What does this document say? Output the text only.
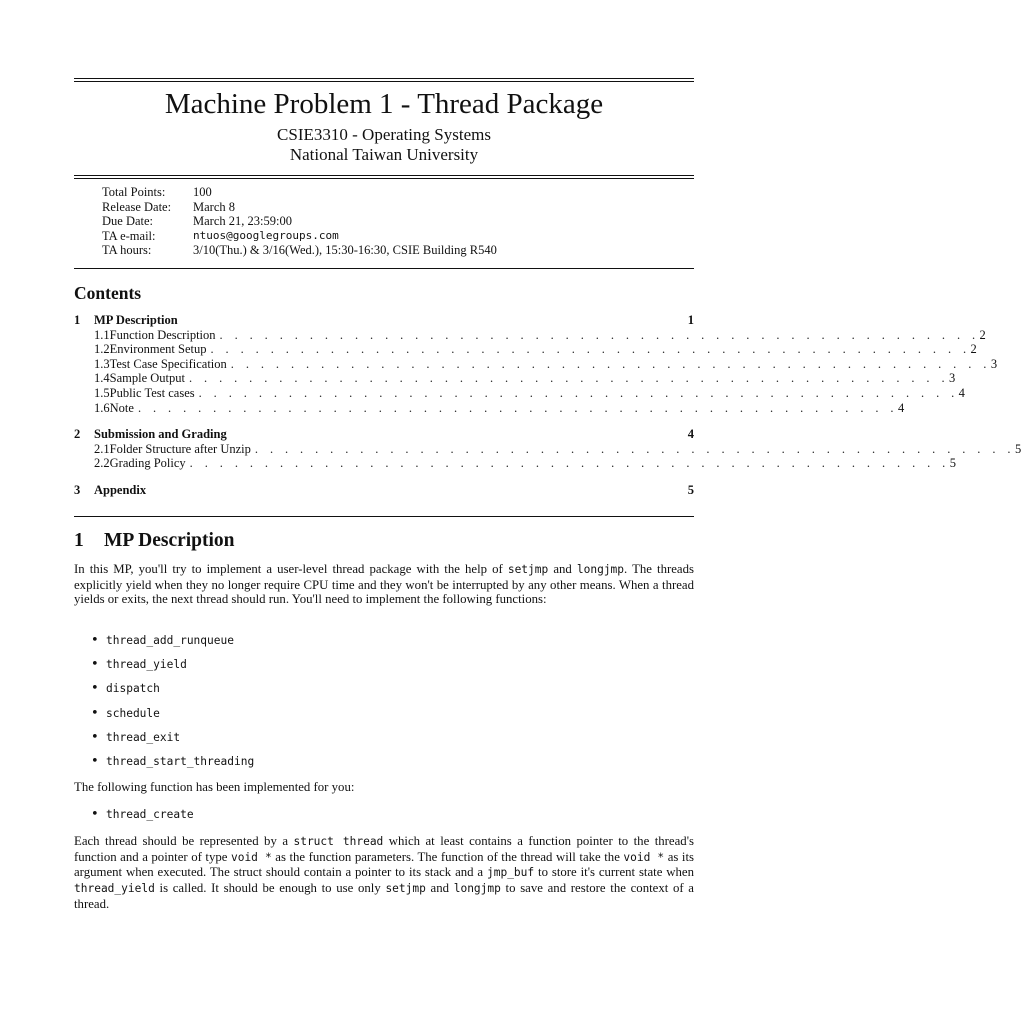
Machine Problem 1 - Thread Package
CSIE3310 - Operating Systems
National Taiwan University
Total Points:	100
Release Date:	March 8
Due Date:	March 21, 23:59:00
TA e-mail:	ntuos@googlegroups.com
TA hours:	3/10(Thu.) & 3/16(Wed.), 15:30-16:30, CSIE Building R540
Contents
1	MP Description	1
1.1 Function Description . . . . . . . . . . . . . . . . . . . . . . . . . . . . . . . . . . . . . . . . . . . . . . . . . . . 2
1.2 Environment Setup . . . . . . . . . . . . . . . . . . . . . . . . . . . . . . . . . . . . . . . . . . . . . . . . . . . 2
1.3 Test Case Specification . . . . . . . . . . . . . . . . . . . . . . . . . . . . . . . . . . . . . . . . . . . . . . . . . . . 3
1.4 Sample Output . . . . . . . . . . . . . . . . . . . . . . . . . . . . . . . . . . . . . . . . . . . . . . . . . . . 3
1.5 Public Test cases . . . . . . . . . . . . . . . . . . . . . . . . . . . . . . . . . . . . . . . . . . . . . . . . . . . 4
1.6 Note . . . . . . . . . . . . . . . . . . . . . . . . . . . . . . . . . . . . . . . . . . . . . . . . . . . 4
2	Submission and Grading	4
2.1 Folder Structure after Unzip . . . . . . . . . . . . . . . . . . . . . . . . . . . . . . . . . . . . . . . . . . . . . . . . . . . 5
2.2 Grading Policy . . . . . . . . . . . . . . . . . . . . . . . . . . . . . . . . . . . . . . . . . . . . . . . . . . . 5
3	Appendix	5
1 MP Description
In this MP, you'll try to implement a user-level thread package with the help of setjmp and longjmp. The threads explicitly yield when they no longer require CPU time and they won't be interrupted by any other means. When a thread yields or exits, the next thread should run. You'll need to implement the following functions:
• thread_add_runqueue
• thread_yield
• dispatch
• schedule
• thread_exit
• thread_start_threading
The following function has been implemented for you:
• thread_create
Each thread should be represented by a struct thread which at least contains a function pointer to the thread's function and a pointer of type void * as the function parameters. The function of the thread will take the void * as its argument when executed. The struct should contain a pointer to its stack and a jmp_buf to store it's current state when thread_yield is called. It should be enough to use only setjmp and longjmp to save and restore the context of a thread.
